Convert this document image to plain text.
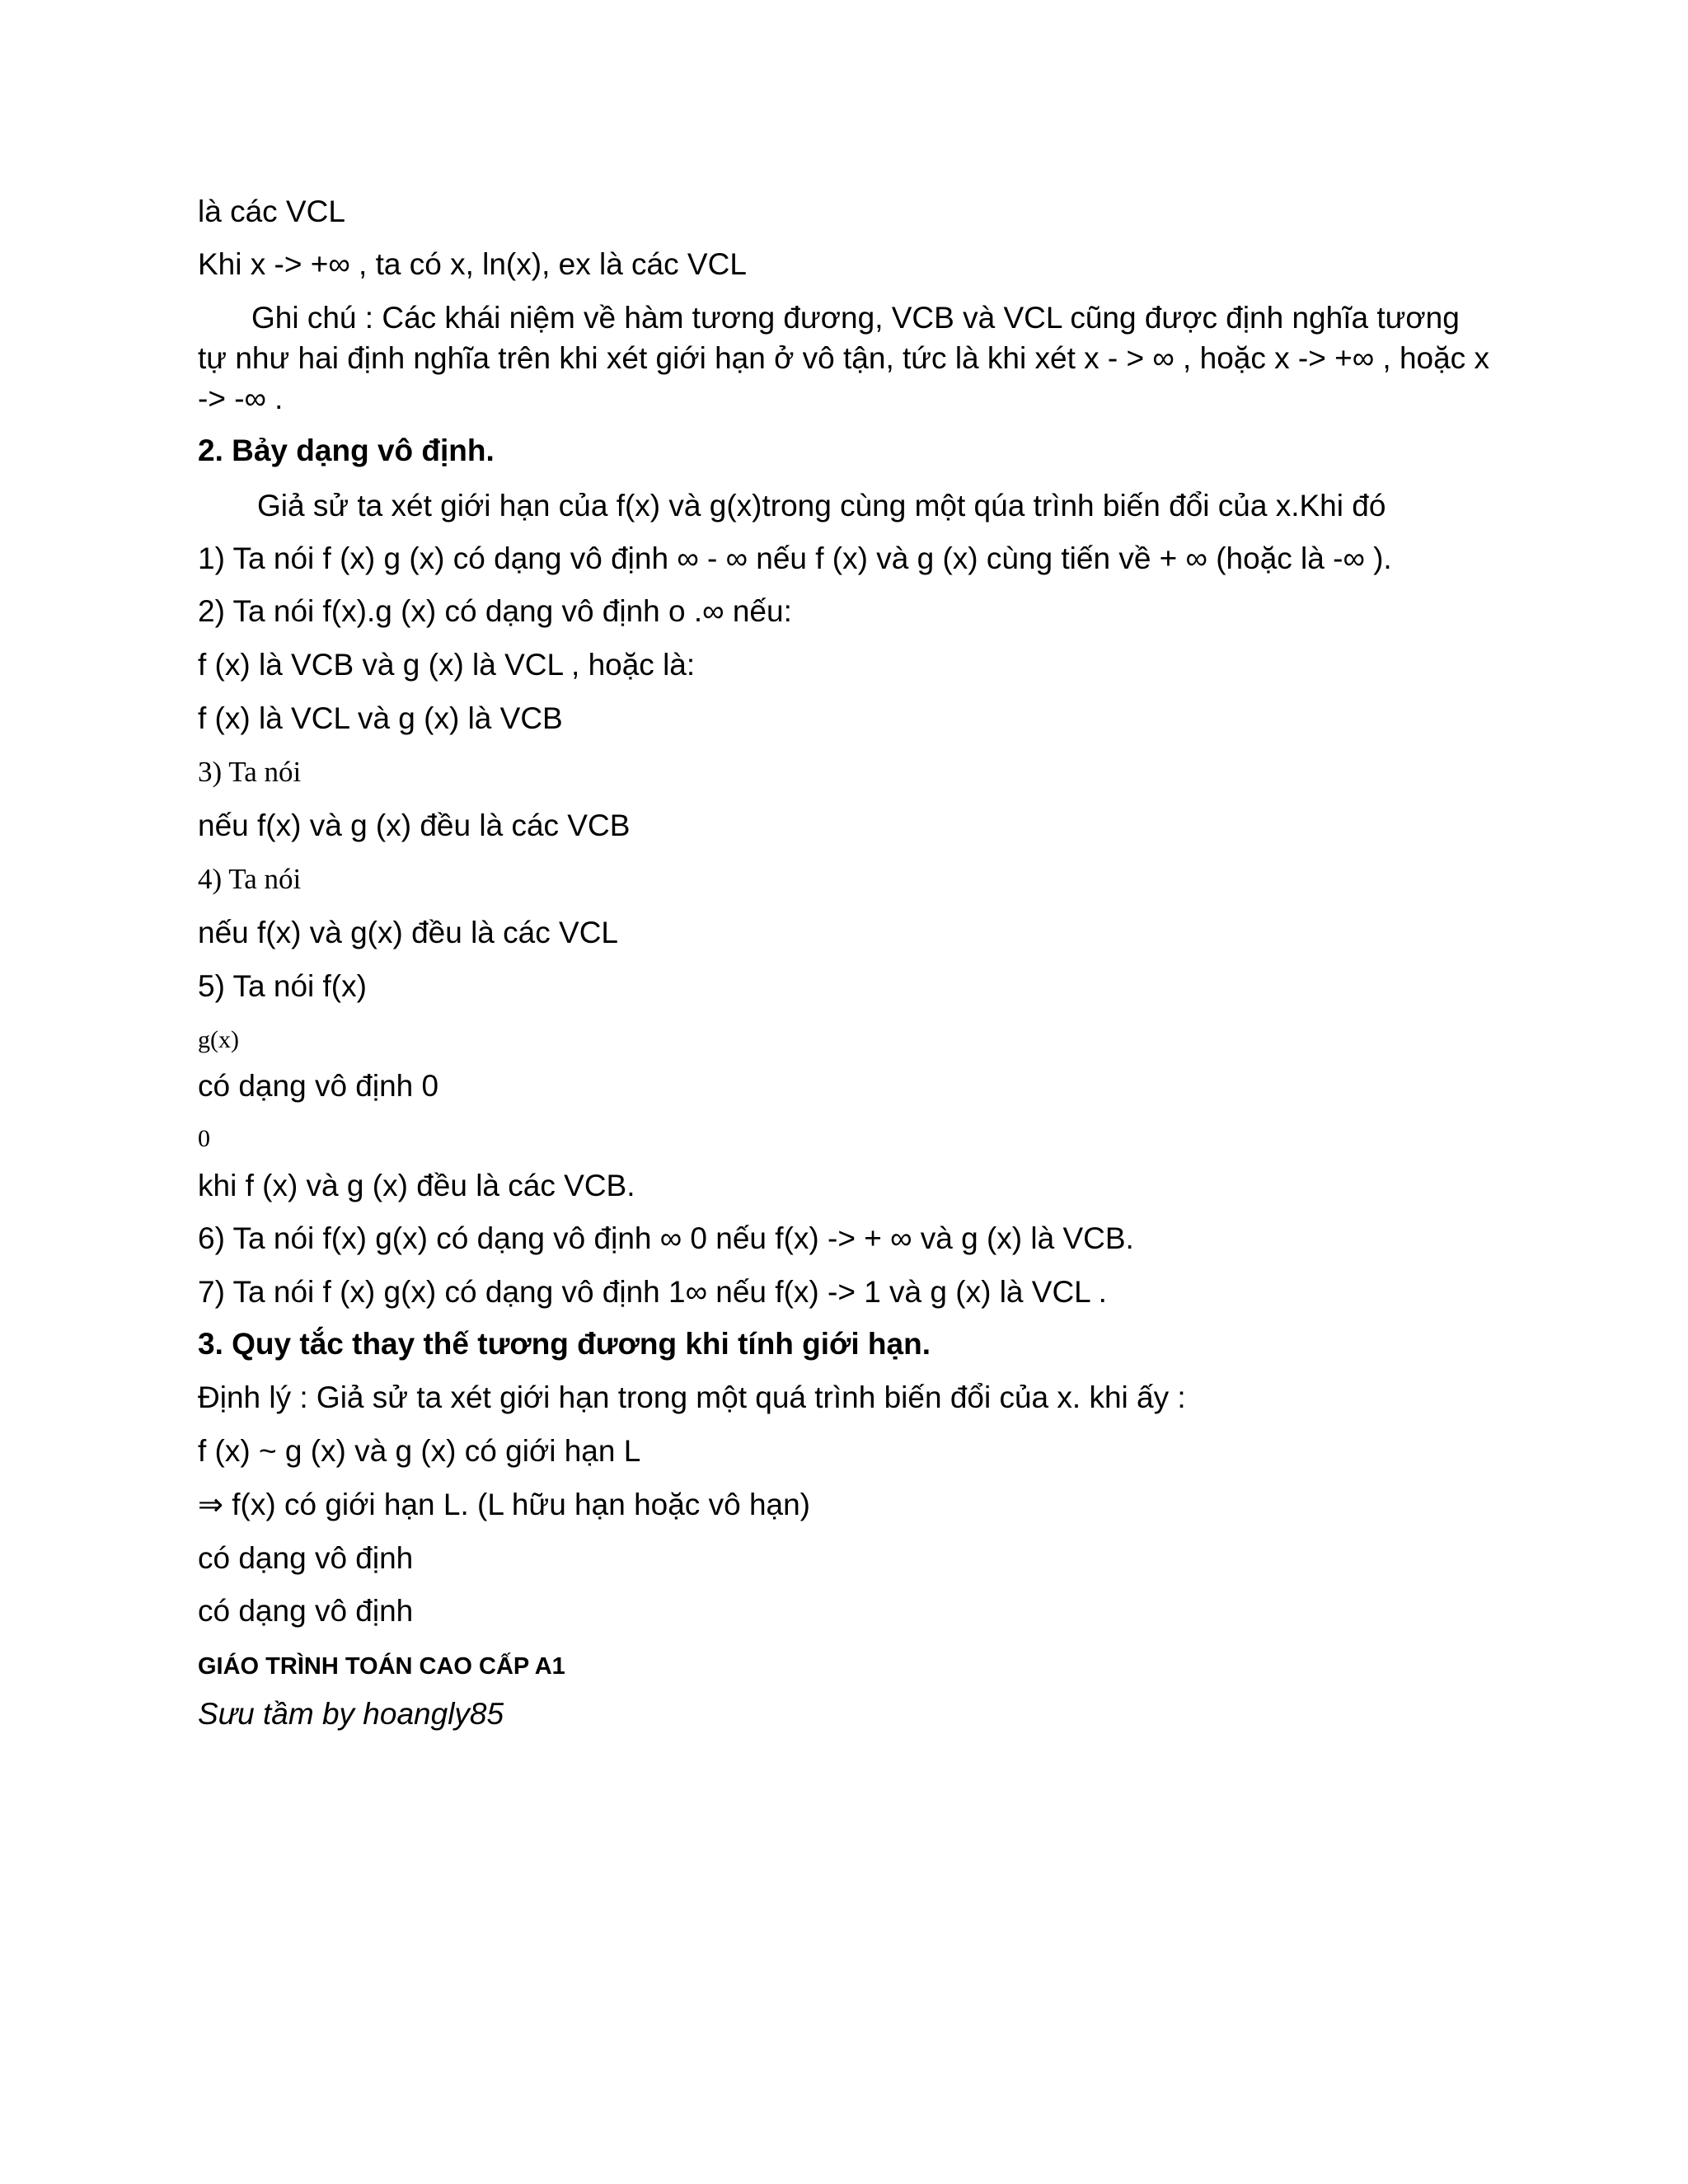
là các VCL

Khi x -> +∞ , ta có x, ln(x), ex là các VCL

Ghi chú : Các khái niệm về hàm tương đương, VCB và VCL cũng được định nghĩa tương

tự như hai định nghĩa trên khi xét giới hạn ở vô tận, tức là khi xét x - > ∞ , hoặc x -> +∞ , hoặc x

-> -∞ .

2. Bảy dạng vô định.

Giả sử ta xét giới hạn của f(x) và g(x)trong cùng một qúa trình biến đổi của x.Khi đó

1) Ta nói f (x) g (x) có dạng vô định ∞ - ∞ nếu f (x) và g (x) cùng tiến về + ∞ (hoặc là -∞ ).

2) Ta nói f(x).g (x) có dạng vô định o .∞ nếu:

f (x) là VCB và g (x) là VCL , hoặc là:

f (x) là VCL và g (x) là VCB

3) Ta nói

nếu f(x) và g (x) đều là các VCB

4) Ta nói

nếu f(x) và g(x) đều là các VCL

5) Ta nói f(x)

g(x)

có dạng vô định 0

0

khi f (x) và g (x) đều là các VCB.

6) Ta nói f(x) g(x) có dạng vô định ∞ 0 nếu f(x) -> + ∞ và g (x) là VCB.

7) Ta nói f (x) g(x) có dạng vô định 1∞ nếu f(x) -> 1 và g (x) là VCL .

3. Quy tắc thay thế tương đương khi tính giới hạn.

Định lý : Giả sử ta xét giới hạn trong một quá trình biến đổi của x. khi ấy :

f (x) ~ g (x) và g (x) có giới hạn L

⇒ f(x) có giới hạn L. (L hữu hạn hoặc vô hạn)

có dạng vô định

có dạng vô định

GIÁO TRÌNH TOÁN CAO CẤP A1

Sưu tầm by hoangly85
